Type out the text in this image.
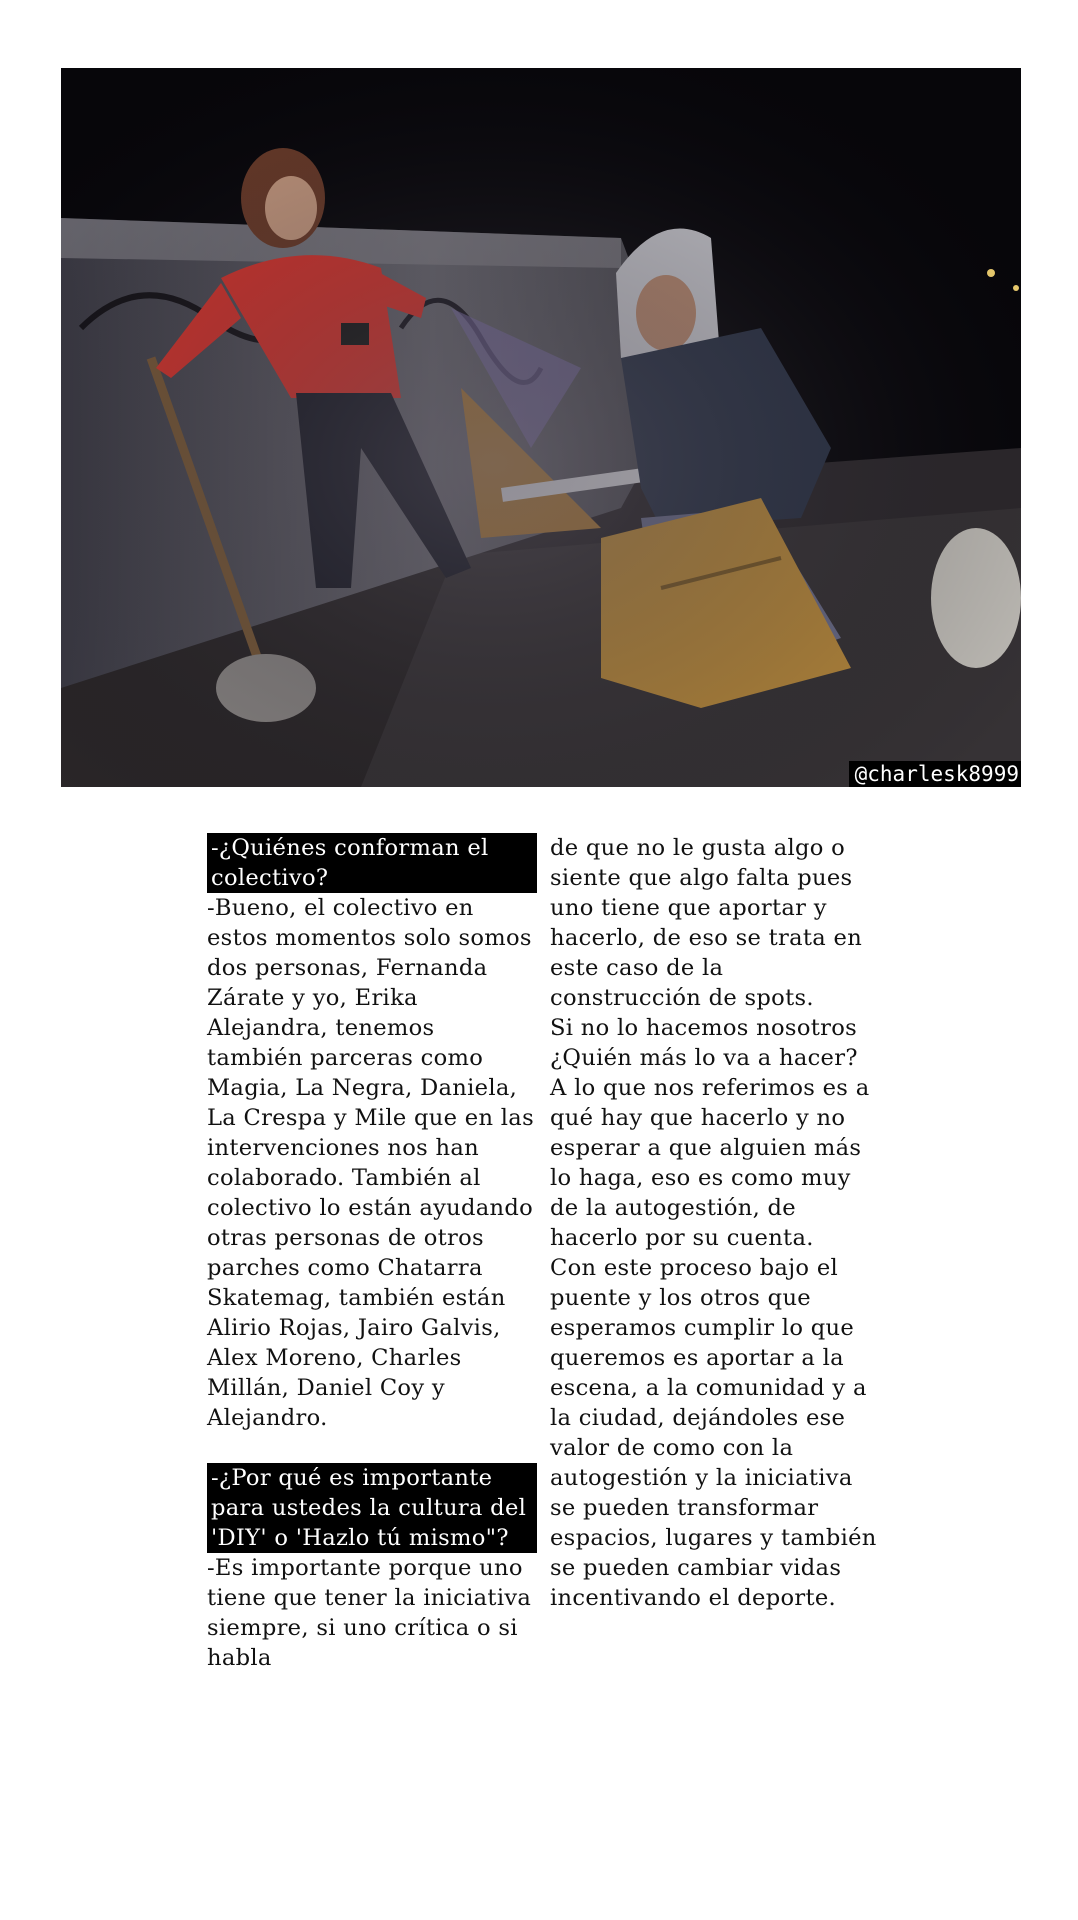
@charlesk8999

-¿Quiénes conforman el colectivo?

-Bueno, el colectivo en estos momentos solo somos dos personas, Fernanda Zárate y yo, Erika Alejandra, tenemos también parceras como Magia, La Negra, Daniela, La Crespa y Mile que en las intervenciones nos han colaborado. También al colectivo lo están ayudando otras personas de otros parches como Chatarra Skatemag, también están Alirio Rojas, Jairo Galvis, Alex Moreno, Charles Millán, Daniel Coy y Alejandro.

-¿Por qué es importante para ustedes la cultura del 'DIY' o 'Hazlo tú mismo"?

-Es importante porque uno tiene que tener la iniciativa siempre, si uno crítica o si habla

de que no le gusta algo o siente que algo falta pues uno tiene que aportar y hacerlo, de eso se trata en este caso de la construcción de spots.

Si no lo hacemos nosotros ¿Quién más lo va a hacer? A lo que nos referimos es a qué hay que hacerlo y no esperar a que alguien más lo haga, eso es como muy de la autogestión, de hacerlo por su cuenta.

Con este proceso bajo el puente y los otros que esperamos cumplir lo que queremos es aportar a la escena, a la comunidad y a la ciudad, dejándoles ese valor de como con la autogestión y la iniciativa se pueden transformar espacios, lugares y también se pueden cambiar vidas incentivando el deporte.
